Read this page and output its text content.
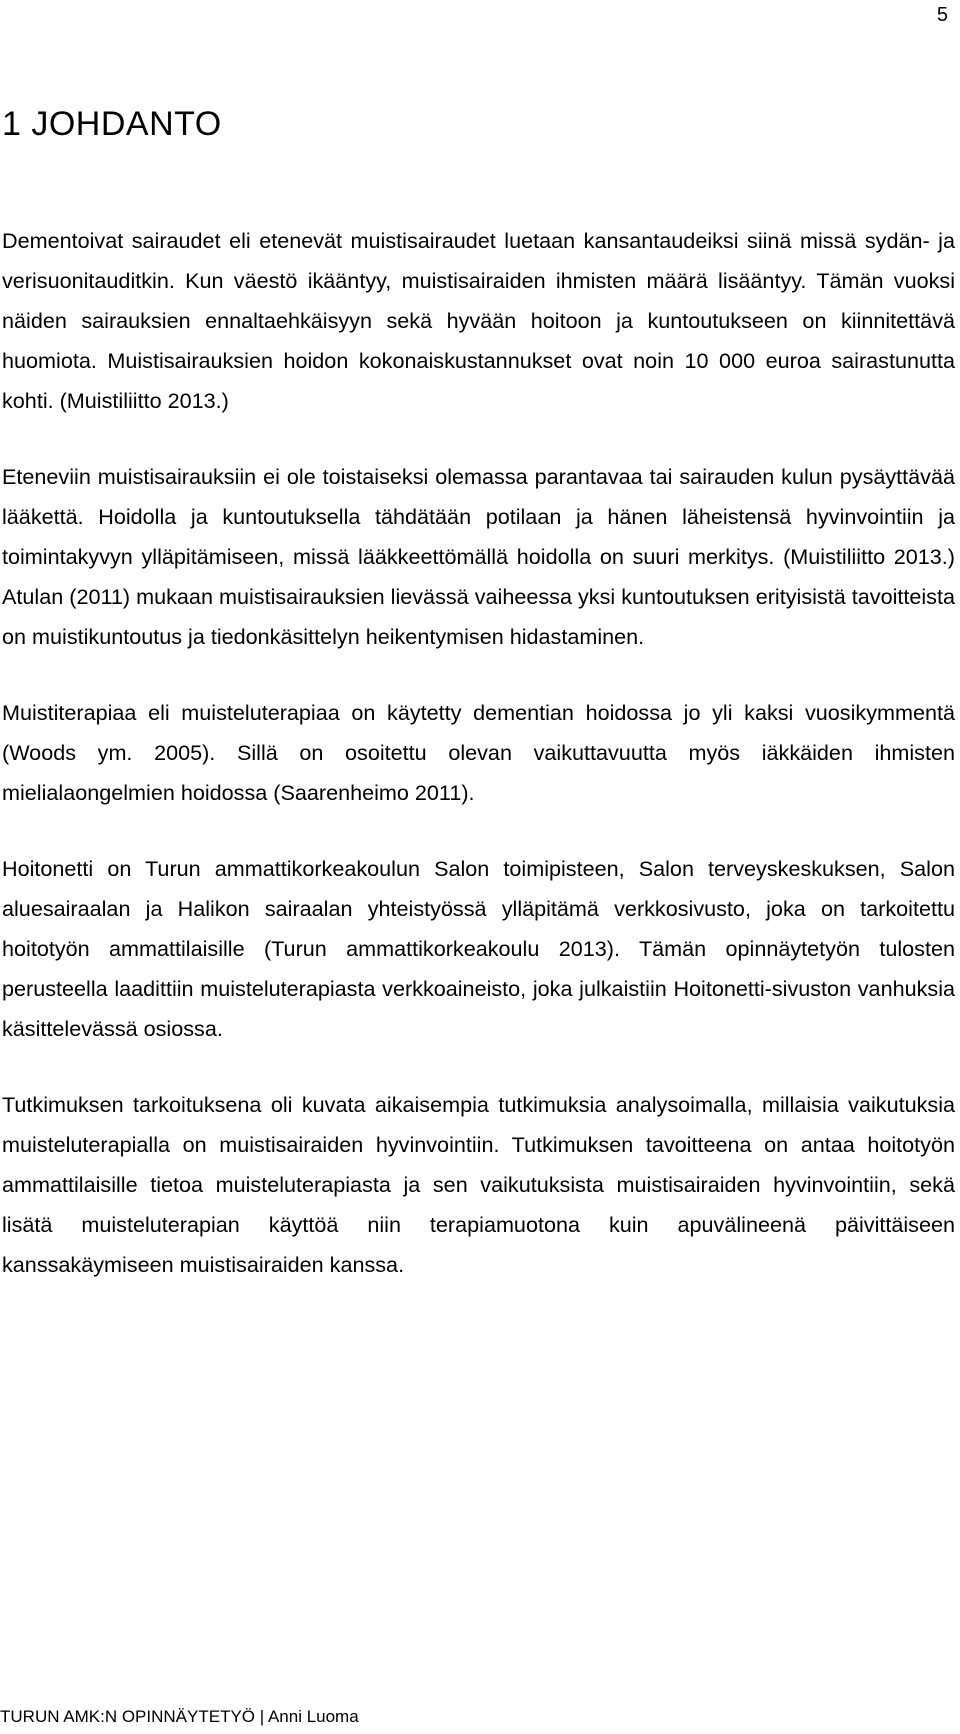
5
1 JOHDANTO

Dementoivat sairaudet eli etenevät muistisairaudet luetaan kansantaudeiksi siinä missä sydän- ja verisuonitauditkin. Kun väestö ikääntyy, muistisairaiden ihmisten määrä lisääntyy. Tämän vuoksi näiden sairauksien ennaltaehkäisyyn sekä hyvään hoitoon ja kuntoutukseen on kiinnitettävä huomiota. Muistisairauksien hoidon kokonaiskustannukset ovat noin 10 000 euroa sairastunutta kohti. (Muistiliitto 2013.)

Eteneviin muistisairauksiin ei ole toistaiseksi olemassa parantavaa tai sairauden kulun pysäyttävää lääkettä. Hoidolla ja kuntoutuksella tähdätään potilaan ja hänen läheistensä hyvinvointiin ja toimintakyvyn ylläpitämiseen, missä lääkkeettömällä hoidolla on suuri merkitys. (Muistiliitto 2013.) Atulan (2011) mukaan muistisairauksien lievässä vaiheessa yksi kuntoutuksen erityisistä tavoitteista on muistikuntoutus ja tiedonkäsittelyn heikentymisen hidastaminen.

Muistiterapiaa eli muisteluterapiaa on käytetty dementian hoidossa jo yli kaksi vuosikymmentä (Woods ym. 2005). Sillä on osoitettu olevan vaikuttavuutta myös iäkkäiden ihmisten mielialaongelmien hoidossa (Saarenheimo 2011).

Hoitonetti on Turun ammattikorkeakoulun Salon toimipisteen, Salon terveyskeskuksen, Salon aluesairaalan ja Halikon sairaalan yhteistyössä ylläpitämä verkkosivusto, joka on tarkoitettu hoitotyön ammattilaisille (Turun ammattikorkeakoulu 2013). Tämän opinnäytetyön tulosten perusteella laadittiin muisteluterapiasta verkkoaineisto, joka julkaistiin Hoitonetti-sivuston vanhuksia käsittelevässä osiossa.

Tutkimuksen tarkoituksena oli kuvata aikaisempia tutkimuksia analysoimalla, millaisia vaikutuksia muisteluterapialla on muistisairaiden hyvinvointiin. Tutkimuksen tavoitteena on antaa hoitotyön ammattilaisille tietoa muisteluterapiasta ja sen vaikutuksista muistisairaiden hyvinvointiin, sekä lisätä muisteluterapian käyttöä niin terapiamuotona kuin apuvälineenä päivittäiseen kanssakäymiseen muistisairaiden kanssa.

TURUN AMK:N OPINNÄYTETYÖ | Anni Luoma
